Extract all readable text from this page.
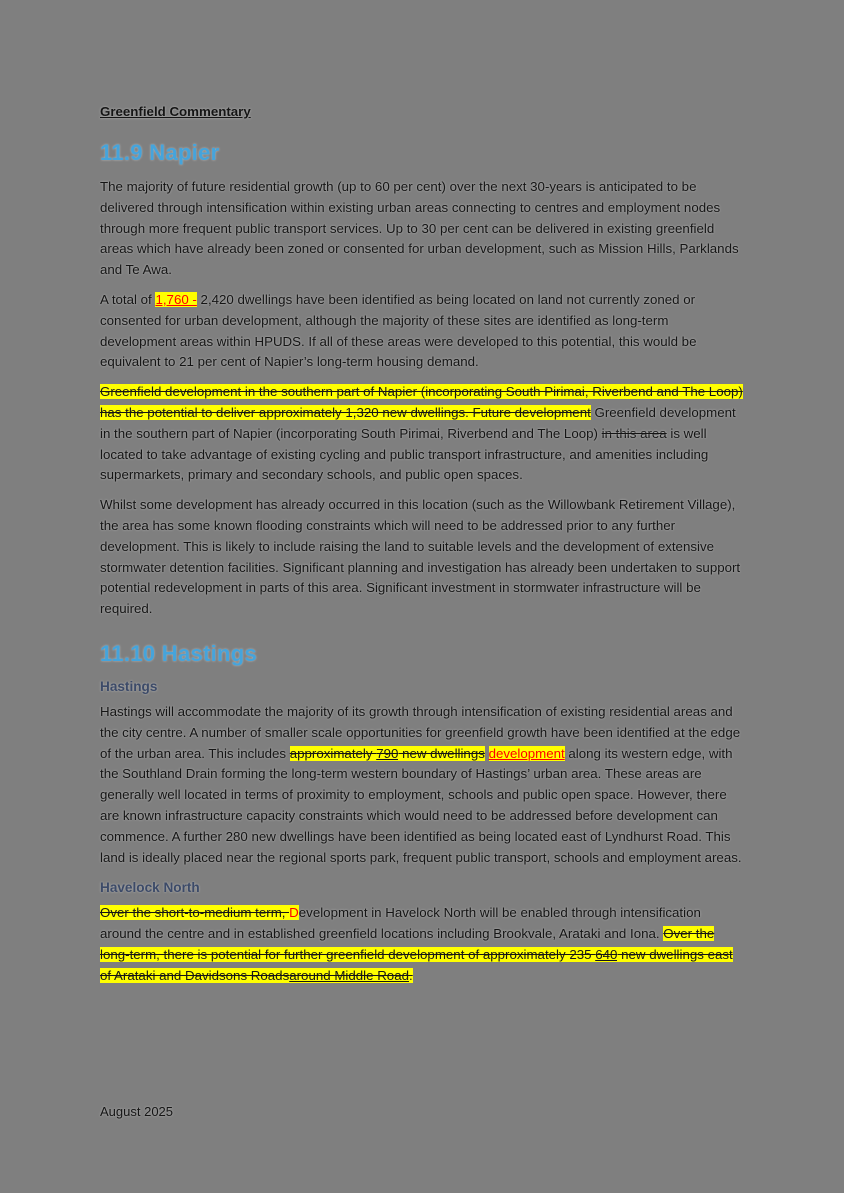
Greenfield Commentary
11.9 Napier

The majority of future residential growth (up to 60 per cent) over the next 30-years is anticipated to be delivered through intensification within existing urban areas connecting to centres and employment nodes through more frequent public transport services. Up to 30 per cent can be delivered in existing greenfield areas which have already been zoned or consented for urban development, such as Mission Hills, Parklands and Te Awa.

A total of 1,760 - 2,420 dwellings have been identified as being located on land not currently zoned or consented for urban development, although the majority of these sites are identified as long-term development areas within HPUDS. If all of these areas were developed to this potential, this would be equivalent to 21 per cent of Napier’s long-term housing demand.

Greenfield development in the southern part of Napier (incorporating South Pirimai, Riverbend and The Loop) has the potential to deliver approximately 1,320 new dwellings. Future development Greenfield development in the southern part of Napier (incorporating South Pirimai, Riverbend and The Loop) in this area is well located to take advantage of existing cycling and public transport infrastructure, and amenities including supermarkets, primary and secondary schools, and public open spaces.

Whilst some development has already occurred in this location (such as the Willowbank Retirement Village), the area has some known flooding constraints which will need to be addressed prior to any further development. This is likely to include raising the land to suitable levels and the development of extensive stormwater detention facilities. Significant planning and investigation has already been undertaken to support potential redevelopment in parts of this area. Significant investment in stormwater infrastructure will be required.

11.10 Hastings
Hastings

Hastings will accommodate the majority of its growth through intensification of existing residential areas and the city centre. A number of smaller scale opportunities for greenfield growth have been identified at the edge of the urban area. This includes approximately 790 new dwellings development along its western edge, with the Southland Drain forming the long-term western boundary of Hastings’ urban area. These areas are generally well located in terms of proximity to employment, schools and public open space. However, there are known infrastructure capacity constraints which would need to be addressed before development can commence. A further 280 new dwellings have been identified as being located east of Lyndhurst Road. This land is ideally placed near the regional sports park, frequent public transport, schools and employment areas.

Havelock North

Over the short-to-medium term, Development in Havelock North will be enabled through intensification around the centre and in established greenfield locations including Brookvale, Arataki and Iona. Over the long-term, there is potential for further greenfield development of approximately 235 640 new dwellings east of Arataki and Davidsons Roadsaround Middle Road.

August 2025
